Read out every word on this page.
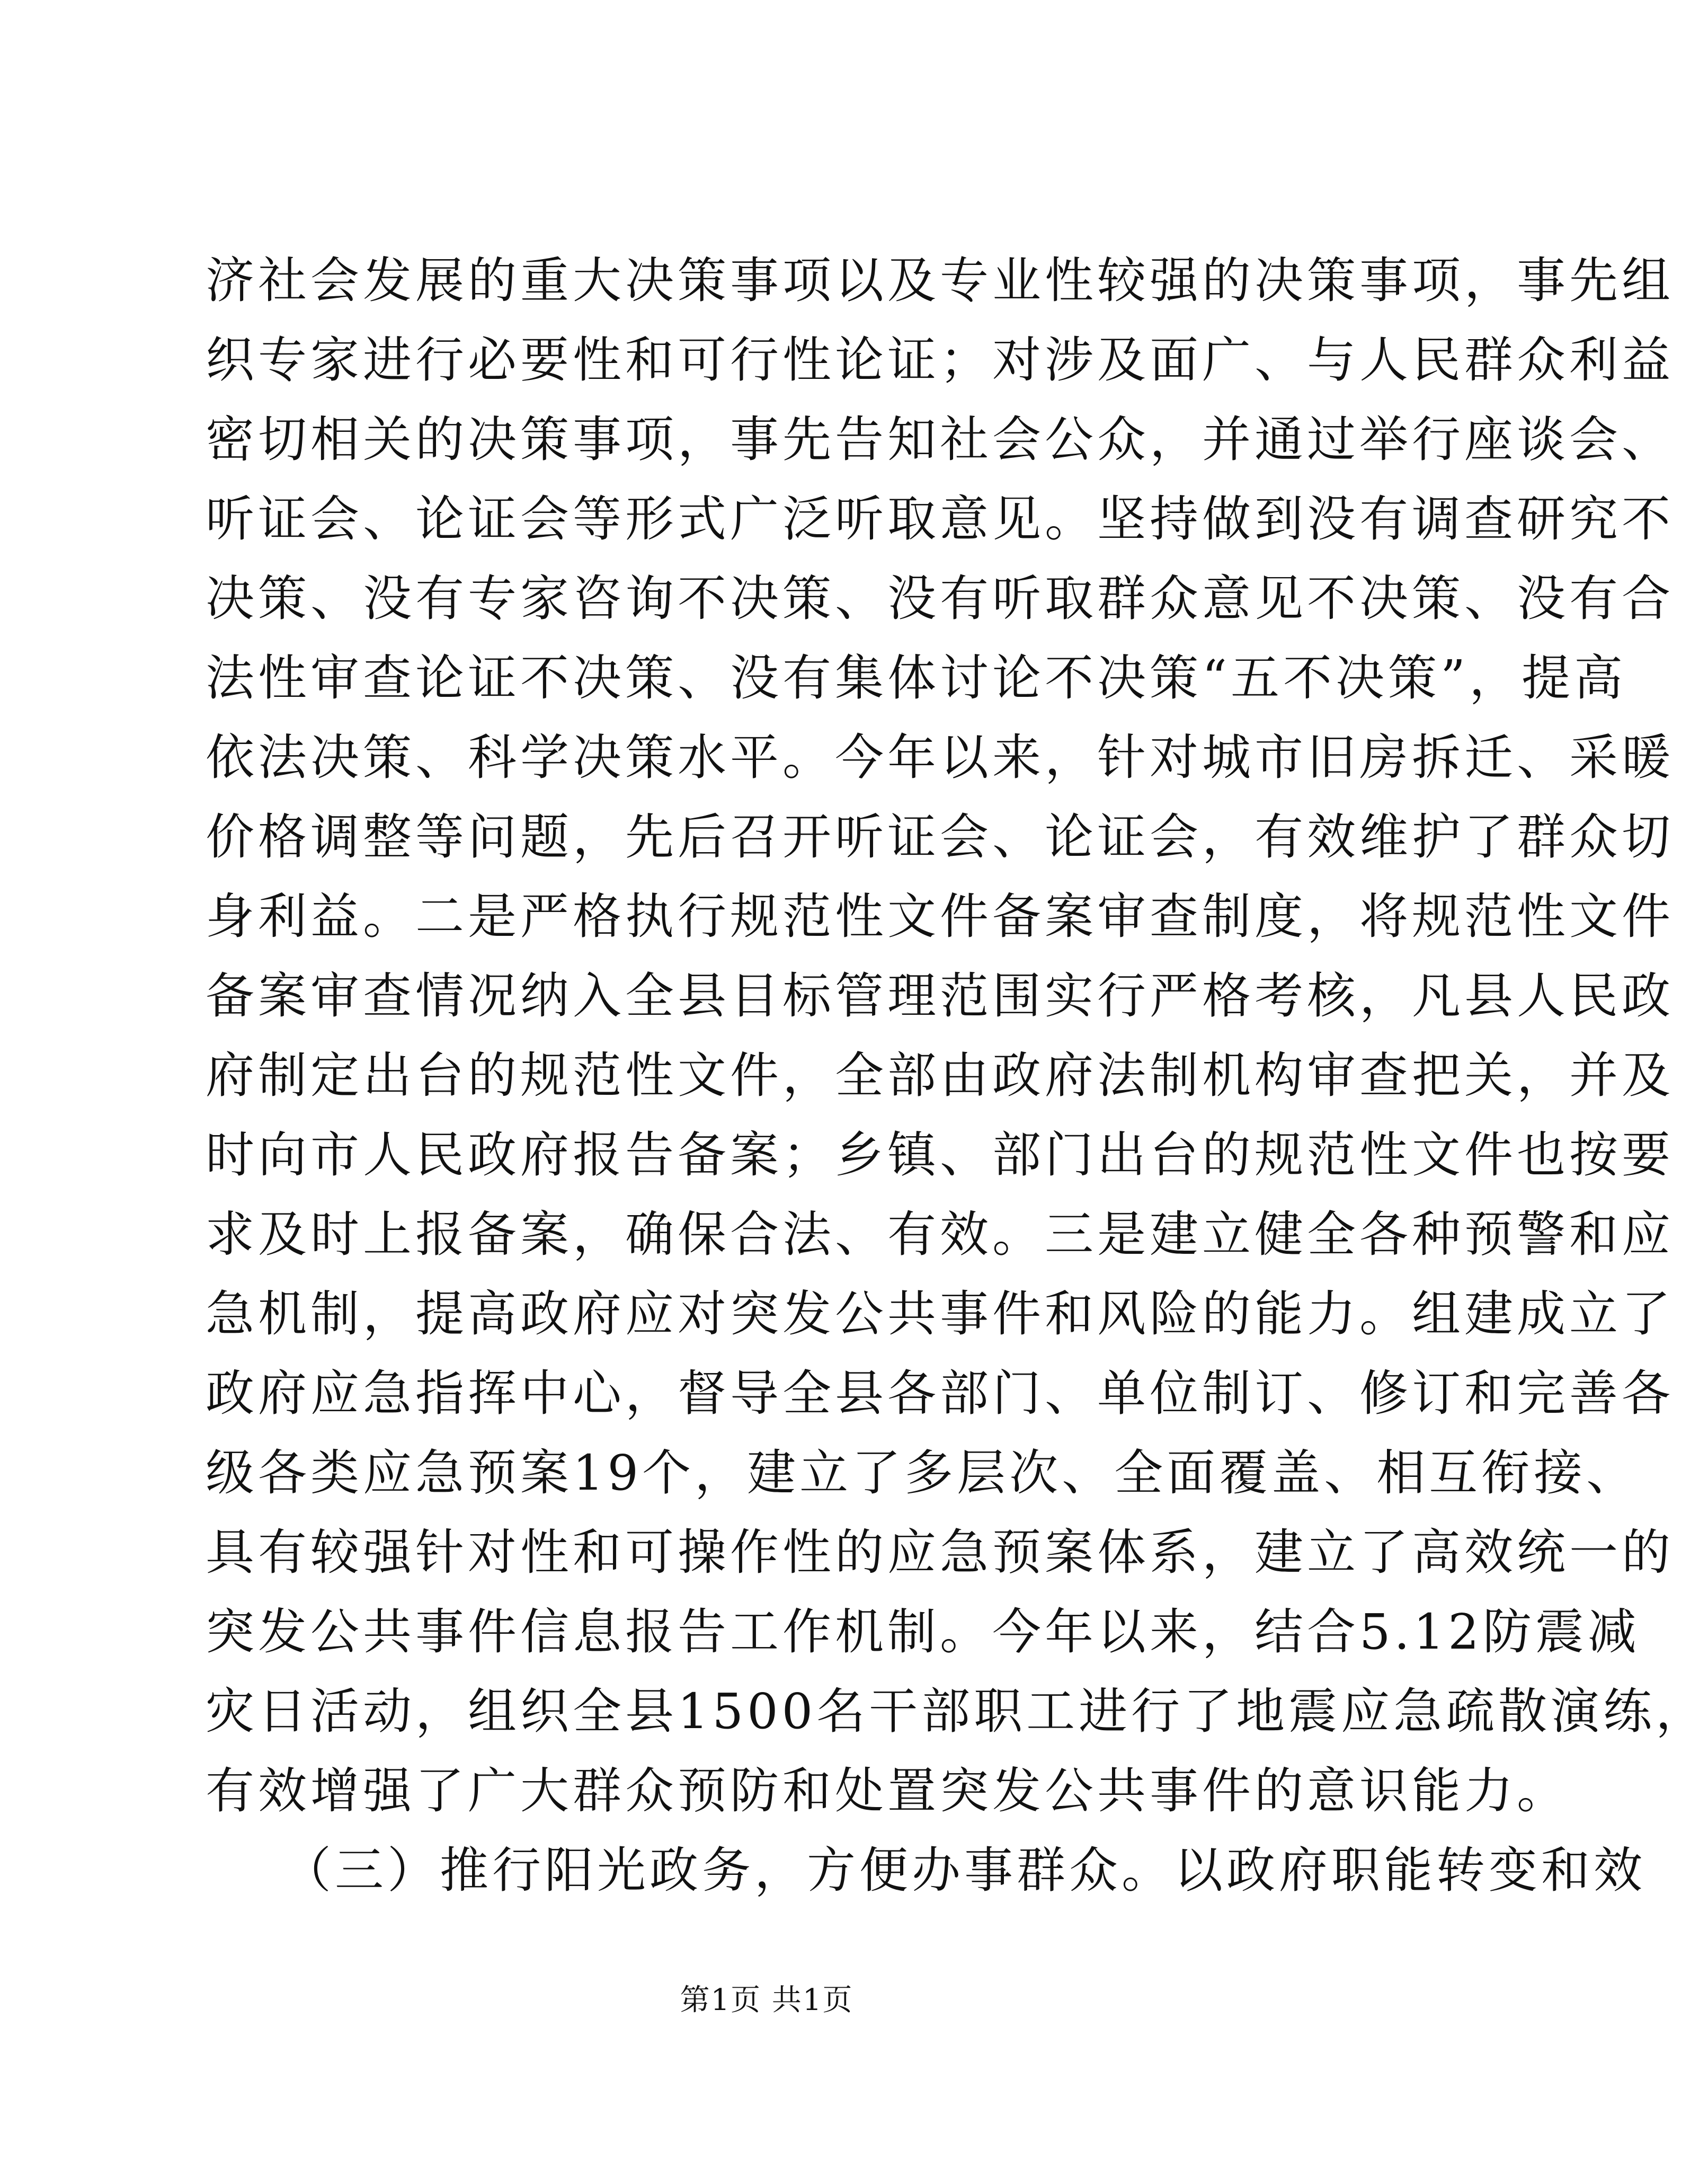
济社会发展的重大决策事项以及专业性较强的决策事项，事先组
织专家进行必要性和可行性论证；对涉及面广、与人民群众利益
密切相关的决策事项，事先告知社会公众，并通过举行座谈会、
听证会、论证会等形式广泛听取意见。坚持做到没有调查研究不
决策、没有专家咨询不决策、没有听取群众意见不决策、没有合
法性审查论证不决策、没有集体讨论不决策“五不决策”，提高
依法决策、科学决策水平。今年以来，针对城市旧房拆迁、采暖
价格调整等问题，先后召开听证会、论证会，有效维护了群众切
身利益。二是严格执行规范性文件备案审查制度，将规范性文件
备案审查情况纳入全县目标管理范围实行严格考核，凡县人民政
府制定出台的规范性文件，全部由政府法制机构审查把关，并及
时向市人民政府报告备案；乡镇、部门出台的规范性文件也按要
求及时上报备案，确保合法、有效。三是建立健全各种预警和应
急机制，提高政府应对突发公共事件和风险的能力。组建成立了
政府应急指挥中心，督导全县各部门、单位制订、修订和完善各
级各类应急预案19个，建立了多层次、全面覆盖、相互衔接、
具有较强针对性和可操作性的应急预案体系，建立了高效统一的
突发公共事件信息报告工作机制。今年以来，结合5.12防震减
灾日活动，组织全县1500名干部职工进行了地震应急疏散演练，
有效增强了广大群众预防和处置突发公共事件的意识能力。
（三）推行阳光政务，方便办事群众。以政府职能转变和效
第1页 共1页
